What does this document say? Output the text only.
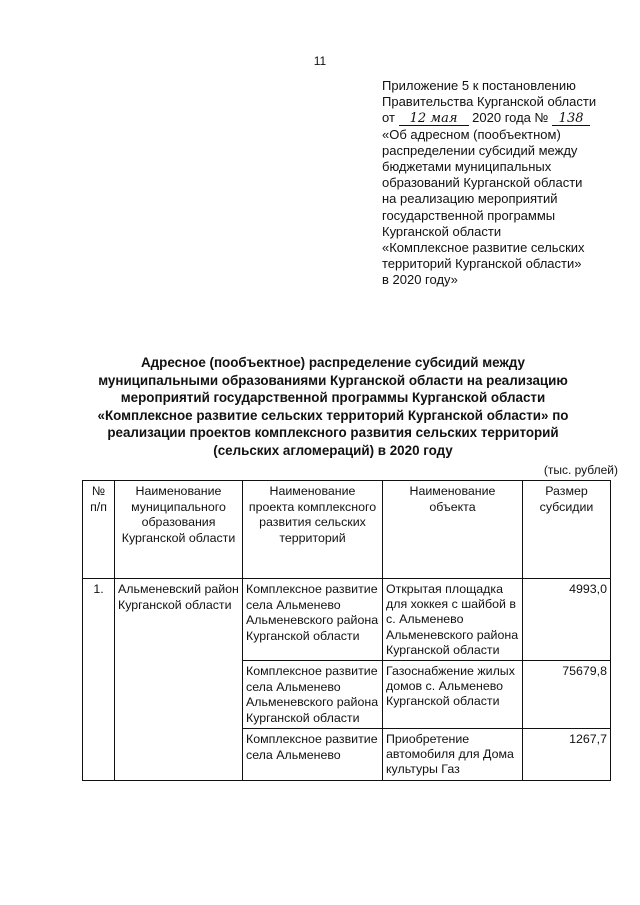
11
Приложение 5 к постановлению
Правительства Курганской области
от 12 мая 2020 года № 138
«Об адресном (пообъектном)
распределении субсидий между
бюджетами муниципальных
образований Курганской области
на реализацию мероприятий
государственной программы
Курганской области
«Комплексное развитие сельских
территорий Курганской области»
в 2020 году»
Адресное (пообъектное) распределение субсидий между
муниципальными образованиями Курганской области на реализацию
мероприятий государственной программы Курганской области
«Комплексное развитие сельских территорий Курганской области» по
реализации проектов комплексного развития сельских территорий
(сельских агломераций) в 2020 году
(тыс. рублей)
№ п/п	Наименование муниципального образования Курганской области	Наименование проекта комплексного развития сельских территорий	Наименование объекта	Размер субсидии
1.	Альменевский район Курганской области	Комплексное развитие села Альменево Альменевского района Курганской области	Открытая площадка для хоккея с шайбой в с. Альменево Альменевского района Курганской области	4993,0
		Комплексное развитие села Альменево Альменевского района Курганской области	Газоснабжение жилых домов с. Альменево Курганской области	75679,8
		Комплексное развитие села Альменево	Приобретение автомобиля для Дома культуры Газ	1267,7
